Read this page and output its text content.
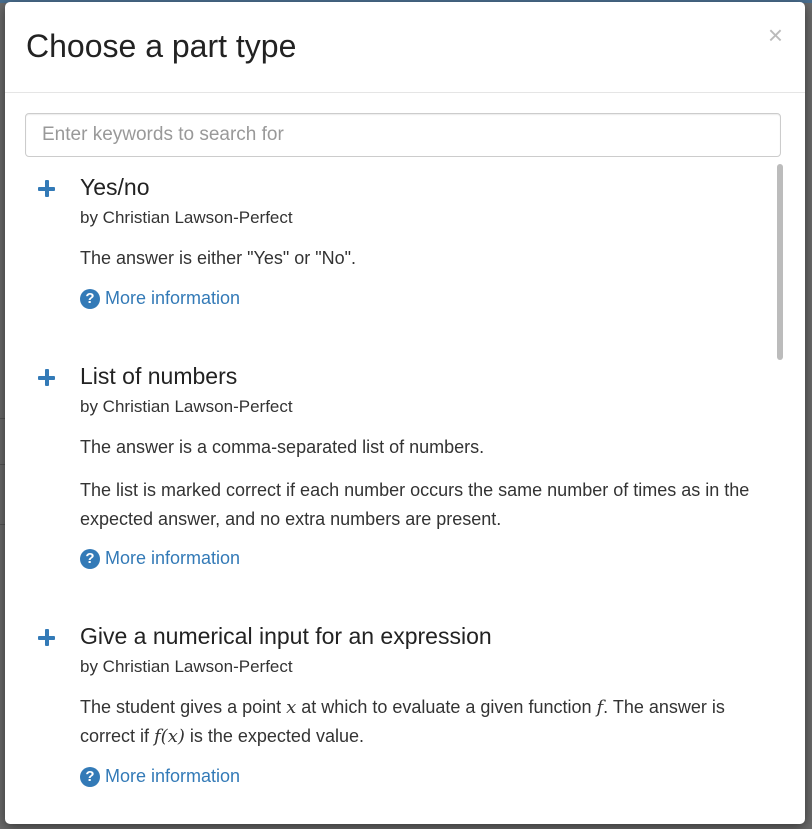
Choose a part type	×
Enter keywords to search for
Yes/no
by Christian Lawson-Perfect
The answer is either "Yes" or "No".
? More information
List of numbers
by Christian Lawson-Perfect
The answer is a comma-separated list of numbers.
The list is marked correct if each number occurs the same number of times as in the expected answer, and no extra numbers are present.
? More information
Give a numerical input for an expression
by Christian Lawson-Perfect
The student gives a point x at which to evaluate a given function f. The answer is correct if f(x) is the expected value.
? More information
